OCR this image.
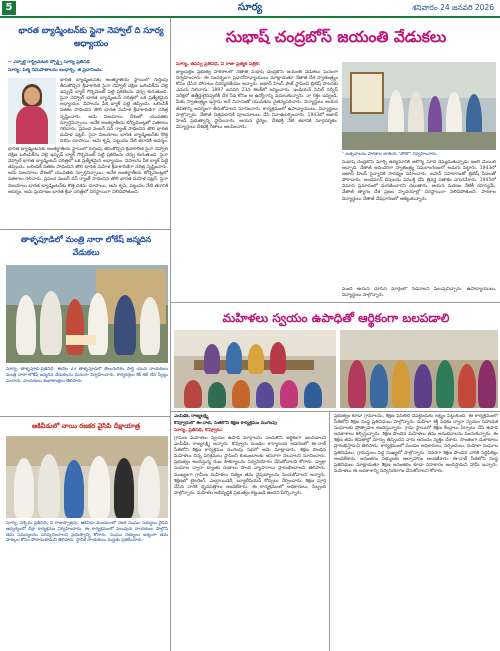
5	సూర్య	శనివారం 24 జనవరి 2026
భారత బ్యాడ్మింటన్‌కు స్టైనా నెహ్వాల్ ది సూర్య అధ్యాయం
-- ఎర్నాల్డ్ గాస్ట్రిమేటల్ స్పోర్ట్స్ సూర్య ప్రతినిధి
సూర్య: ఫిల్మ్ నిమిపాతాలను ఐంధార్చి, జి ప్రదానించు:
భారత బ్యాడ్మింటన్‌కు అంతర్జాతీయ స్థాయిలో గుర్తింపు తీసుకొచ్చిన క్రీడాకారిణి సైనా నెహ్వాల్ దక్షిణ ఒలింపిక్‌ను వెల్లి ఇప్పుడ్ బ్యాక్ గౌర్నమెంట్ పట్టి ప్రకటించు చర్చు కురుతుంది. సైనా నెహ్వాల్ భారత బ్యాడ్మింటన్ చరిత్రలో ఒక ప్రత్యేకమైన అధ్యాయం. విపాలను పీక బ్యాక్ పట్టి తప్పించు. ఒలింపిక్ పతకం సాధించిన తొలి భారత మహిళ క్రీడాకారిణిగా చరిత్ర సృష్టించారు. ఆమె విజయాలు దేశంలో యువతకు స్ఫూర్తినిచ్చాయి. అనేక అంతర్జాతీయ టోర్నమెంట్లలో పతకాలు గెలిచారు. ప్రపంచ నంబర్ వన్ ర్యాంక్ సాధించిన తొలి భారత మహిళ షట్లర్. సైనా విజయాలు భారత బ్యాడ్మింటన్‌కు కొత్త దిశను చూపాయి. ఆమె కృషి, పట్టుదల నేటి తరానికి ఆదర్శం.
భారత బ్యాడ్మింటన్‌కు అంతర్జాతీయ స్థాయిలో గుర్తింపు తీసుకొచ్చిన క్రీడాకారిణి సైనా నెహ్వాల్ దక్షిణ ఒలింపిక్‌ను వెల్లి ఇప్పుడ్ బ్యాక్ గౌర్నమెంట్ పట్టి ప్రకటించు చర్చు కురుతుంది. సైనా నెహ్వాల్ భారత బ్యాడ్మింటన్ చరిత్రలో ఒక ప్రత్యేకమైన అధ్యాయం. విపాలను పీక బ్యాక్ పట్టి తప్పించు. ఒలింపిక్ పతకం సాధించిన తొలి భారత మహిళ క్రీడాకారిణిగా చరిత్ర సృష్టించారు. ఆమె విజయాలు దేశంలో యువతకు స్ఫూర్తినిచ్చాయి. అనేక అంతర్జాతీయ టోర్నమెంట్లలో పతకాలు గెలిచారు. ప్రపంచ నంబర్ వన్ ర్యాంక్ సాధించిన తొలి భారత మహిళ షట్లర్. సైనా విజయాలు భారత బ్యాడ్మింటన్‌కు కొత్త దిశను చూపాయి. ఆమె కృషి, పట్టుదల నేటి తరానికి ఆదర్శం. ఆమె ప్రయాణం భారత క్రీడా చరిత్రలో చిరస్థాయిగా నిలిచిపోతుంది.
తాళ్ళపూడిలో మంత్రి నారా లోకేష్ జన్మదిన వేడుకలు
సూర్య, తాళ్ళపూడి-ప్రతినిధి: ఈనెల 23 తాళ్ళపూడిలో తెలుగుదేశం పార్టీ యువ నాయకులు మంత్రి నారా లోకేష్ జన్మదిన వేడుకలను ఘనంగా నిర్వహించారు. కార్యకర్తలు కేక్ కట్ చేసి స్వీట్లు పంచారు. నాయకులు శుభాకాంక్షలు తెలిపారు.
ఆకివీడులో నాయి రజకర వైసిపి దీక్షాయాత్ర
సూర్య, పశ్చిమ ప్రతినిధి, వీ రాజుప్పాత్రపు: ఆకివీడు మండలంలో రజక సంఘం సభ్యులు వైసిపి ఆధ్వర్యంలో దీక్షా కార్యక్రమం నిర్వహించారు. ఈ కార్యక్రమంలో పలువురు నాయకులు పాల్గొని తమ సమస్యలను పరిష్కరించాలని ప్రభుత్వాన్ని కోరారు. సంఘం సభ్యులు ఐక్యంగా తమ హక్కుల కోసం పోరాడుతామని తెలిపారు. స్థానిక నాయకులు మద్దతు ప్రకటించారు.
సుభాష్ చంద్రబోస్ జయంతి వేడుకలు
సూర్య, తపస్వి ప్రతినిధి, వీ రాజు ప్రత్యేక పత్రిక:
జ్యాంపల్లెం ప్రభుత్వ పాఠశాలలో నేతాజీ సుభాష్ చంద్రబోస్ జయంతి వేడుకలు ఘనంగా నిర్వహించారు. ఈ సందర్భంగా ప్రధానోపాధ్యాయులు మాట్లాడుతూ నేతాజీ దేశ స్వాతంత్ర్యం కోసం చేసిన పోరాటం చిరస్మరణీయం అన్నారు. ఆజాద్ హింద్ ఫౌజ్ స్థాపించి బ్రిటిష్ పాలనకు ఎదురు నిలిచారు. 1897 జనవరి 23న కటక్‌లో జన్మించారు. ఇండియన్ సివిల్ సర్వీస్ పరీక్షలో ఉత్తీర్ణులైనప్పటికీ దేశ సేవ కోసం ఆ ఉద్యోగాన్ని వదులుకున్నారు. నా రక్తం ఇవ్వండి, మీకు స్వాతంత్ర్యం ఇస్తాను అనే నినాదంతో యువతను చైతన్యపరిచారు. విద్యార్థులు ఆయన జీవితాన్ని ఆదర్శంగా తీసుకోవాలని సూచించారు. కార్యక్రమంలో ఉపాధ్యాయులు, విద్యార్థులు పాల్గొన్నారు. నేతాజీ చిత్రపటానికి పూలమాలలు వేసి నివాళులర్పించారు. 1943లో ఆజాద్ హింద్ ప్రభుత్వాన్ని స్థాపించారు. ఆయన ధైర్యం, దేశభక్తి నేటి తరానికి మార్గదర్శకం. విద్యార్థులు దేశభక్తి గీతాలు ఆలపించారు.
" ఉత్సవాలను పాఠశాల జాతీయ "ఫోటో" నిర్వహించారు.
సుభాష్ చంద్రబోస్ మార్చి ఉద్యమానికి ఆరోగ్య సూచి రమ్మడుతున్నాడు ఇంటి మెయిల్ ఆచ్ఛాది. నేతాజీ అనుచరిగా స్వాతంత్ర్య సమరాంగణంలో అడుగు పెట్టారు. 1943లో ఆజాద్ హింద్ సైన్యానికి సారథ్యం వహించారు. జపాన్ సహకారంతో బ్రిటిష్ సేనలతో పోరాడారు. అండమాన్ దీవులను విముక్తి చేసి త్రివర్ణ పతాకం ఎగురవేశారు. 1945లో విమాన ప్రమాదంలో మరణించారని చెబుతారు. ఆయన మరణం నేటికీ రహస్యమే. నేతాజీ త్యాగం దేశ ప్రజల హృదయాల్లో చిరస్థాయిగా నిలిచిపోతుంది. పాఠశాల విద్యార్థులు నేతాజీ వేషధారణలో ఆకట్టుకున్నారు.
మంది ఆయన చూపిన మార్గంలో నడవాలని పిలుపునిచ్చారు. ఉపాధ్యాయులు, విద్యార్థులు పాల్గొన్నారు.
మహిళలు స్వయం ఉపాధితో ఆర్థికంగా బలపడాలి
ఎంపీడీఓ రాజ్యలక్ష్మి
కొవ్వూరులో ఈ-నాబ్, సీతెలోని శిక్షణ కార్యక్రమం ముగింపు
సూర్య, ప్రతినిధి, కొవ్వూరు:
గ్రామీణ మహిళలు స్వయం ఉపాధి మార్గాలను ఎంచుకొని ఆర్థికంగా బలపడాలని ఎంపీడీఓ రాజ్యలక్ష్మి అన్నారు. కొవ్వూరు మండల కార్యాలయ ఆవరణలో ఈ-నాబ్ సీతెలోని శిక్షణ కార్యక్రమం ముగింపు సభలో ఆమె మాట్లాడారు. శిక్షణ పొందిన మహిళలు చిన్న పరిశ్రమలు స్థాపించి కుటుంబాలకు ఆసరాగా నిలవాలని సూచించారు. ప్రభుత్వం అందిస్తున్న రుణ సౌకర్యాలను సద్వినియోగం చేసుకోవాలని కోరారు. డ్వాక్రా సంఘాల ద్వారా బ్యాంకు రుణాలు పొంది వ్యాపారాలు ప్రారంభించాలని తెలిపారు. ముఖ్యంగా గ్రామీణ మహిళలు నిత్యం తమ నైపుణ్యాలను పెంచుకోవాలని అన్నారు. శిక్షణలో టైలరింగ్, ఎంబ్రాయిడరీ, బ్యూటీషియన్ కోర్సులు నేర్పించారు. శిక్షణ పూర్తి చేసిన వారికి ధృవపత్రాలు అందజేశారు. ఈ కార్యక్రమంలో అధికారులు, సిబ్బంది పాల్గొన్నారు. మహిళల అభివృద్ధికి ప్రభుత్వం కట్టుబడి ఉందని పేర్కొన్నారు.
ప్రభుత్వం కూడా గ్రామాలను, శిక్షణ ఫెసిలిటీ చేపట్టేందుకు లక్ష్యం పెట్టుకుంది. ఈ కార్యక్రమంలో సీతెలోని శిక్షణ సంస్థ ప్రతినిధులు పాల్గొన్నారు. మహిళా శక్తి పథకం ద్వారా స్వయం సహాయక సంఘాలకు ప్రోత్సాహం అందిస్తున్నారు. గ్రామ స్థాయిలో శిక్షణ కేంద్రాలు ఏర్పాటు చేసి ఉపాధి అవకాశాలు కల్పిస్తున్నారు. శిక్షణ పొందిన మహిళలు తమ అనుభవాలను పంచుకున్నారు. ఈ శిక్షణ తమ జీవితాల్లో మార్పు తెచ్చిందని వారు ఆనందం వ్యక్తం చేశారు. సొంతంగా దుకాణాలు ప్రారంభిస్తామని తెలిపారు. కార్యక్రమంలో మండల అధికారులు, సర్పంచులు, మహిళా సంఘాల ప్రతినిధులు, గ్రామస్తులు పెద్ద సంఖ్యలో పాల్గొన్నారు. చివరగా శిక్షణ పొందిన వారికి సర్టిఫికెట్లు అందజేశారు. అనంతరం సభ్యులకు అల్పాహారం అందజేశారు. ఈ-నాబ్ సీతెలోని సంస్థ ప్రతినిధులు మాట్లాడుతూ శిక్షణ అనంతరం కూడా సహకారం అందిస్తామని హామీ ఇచ్చారు. మహిళలు ఈ అవకాశాన్ని సద్వినియోగం చేసుకోవాలని కోరారు.
